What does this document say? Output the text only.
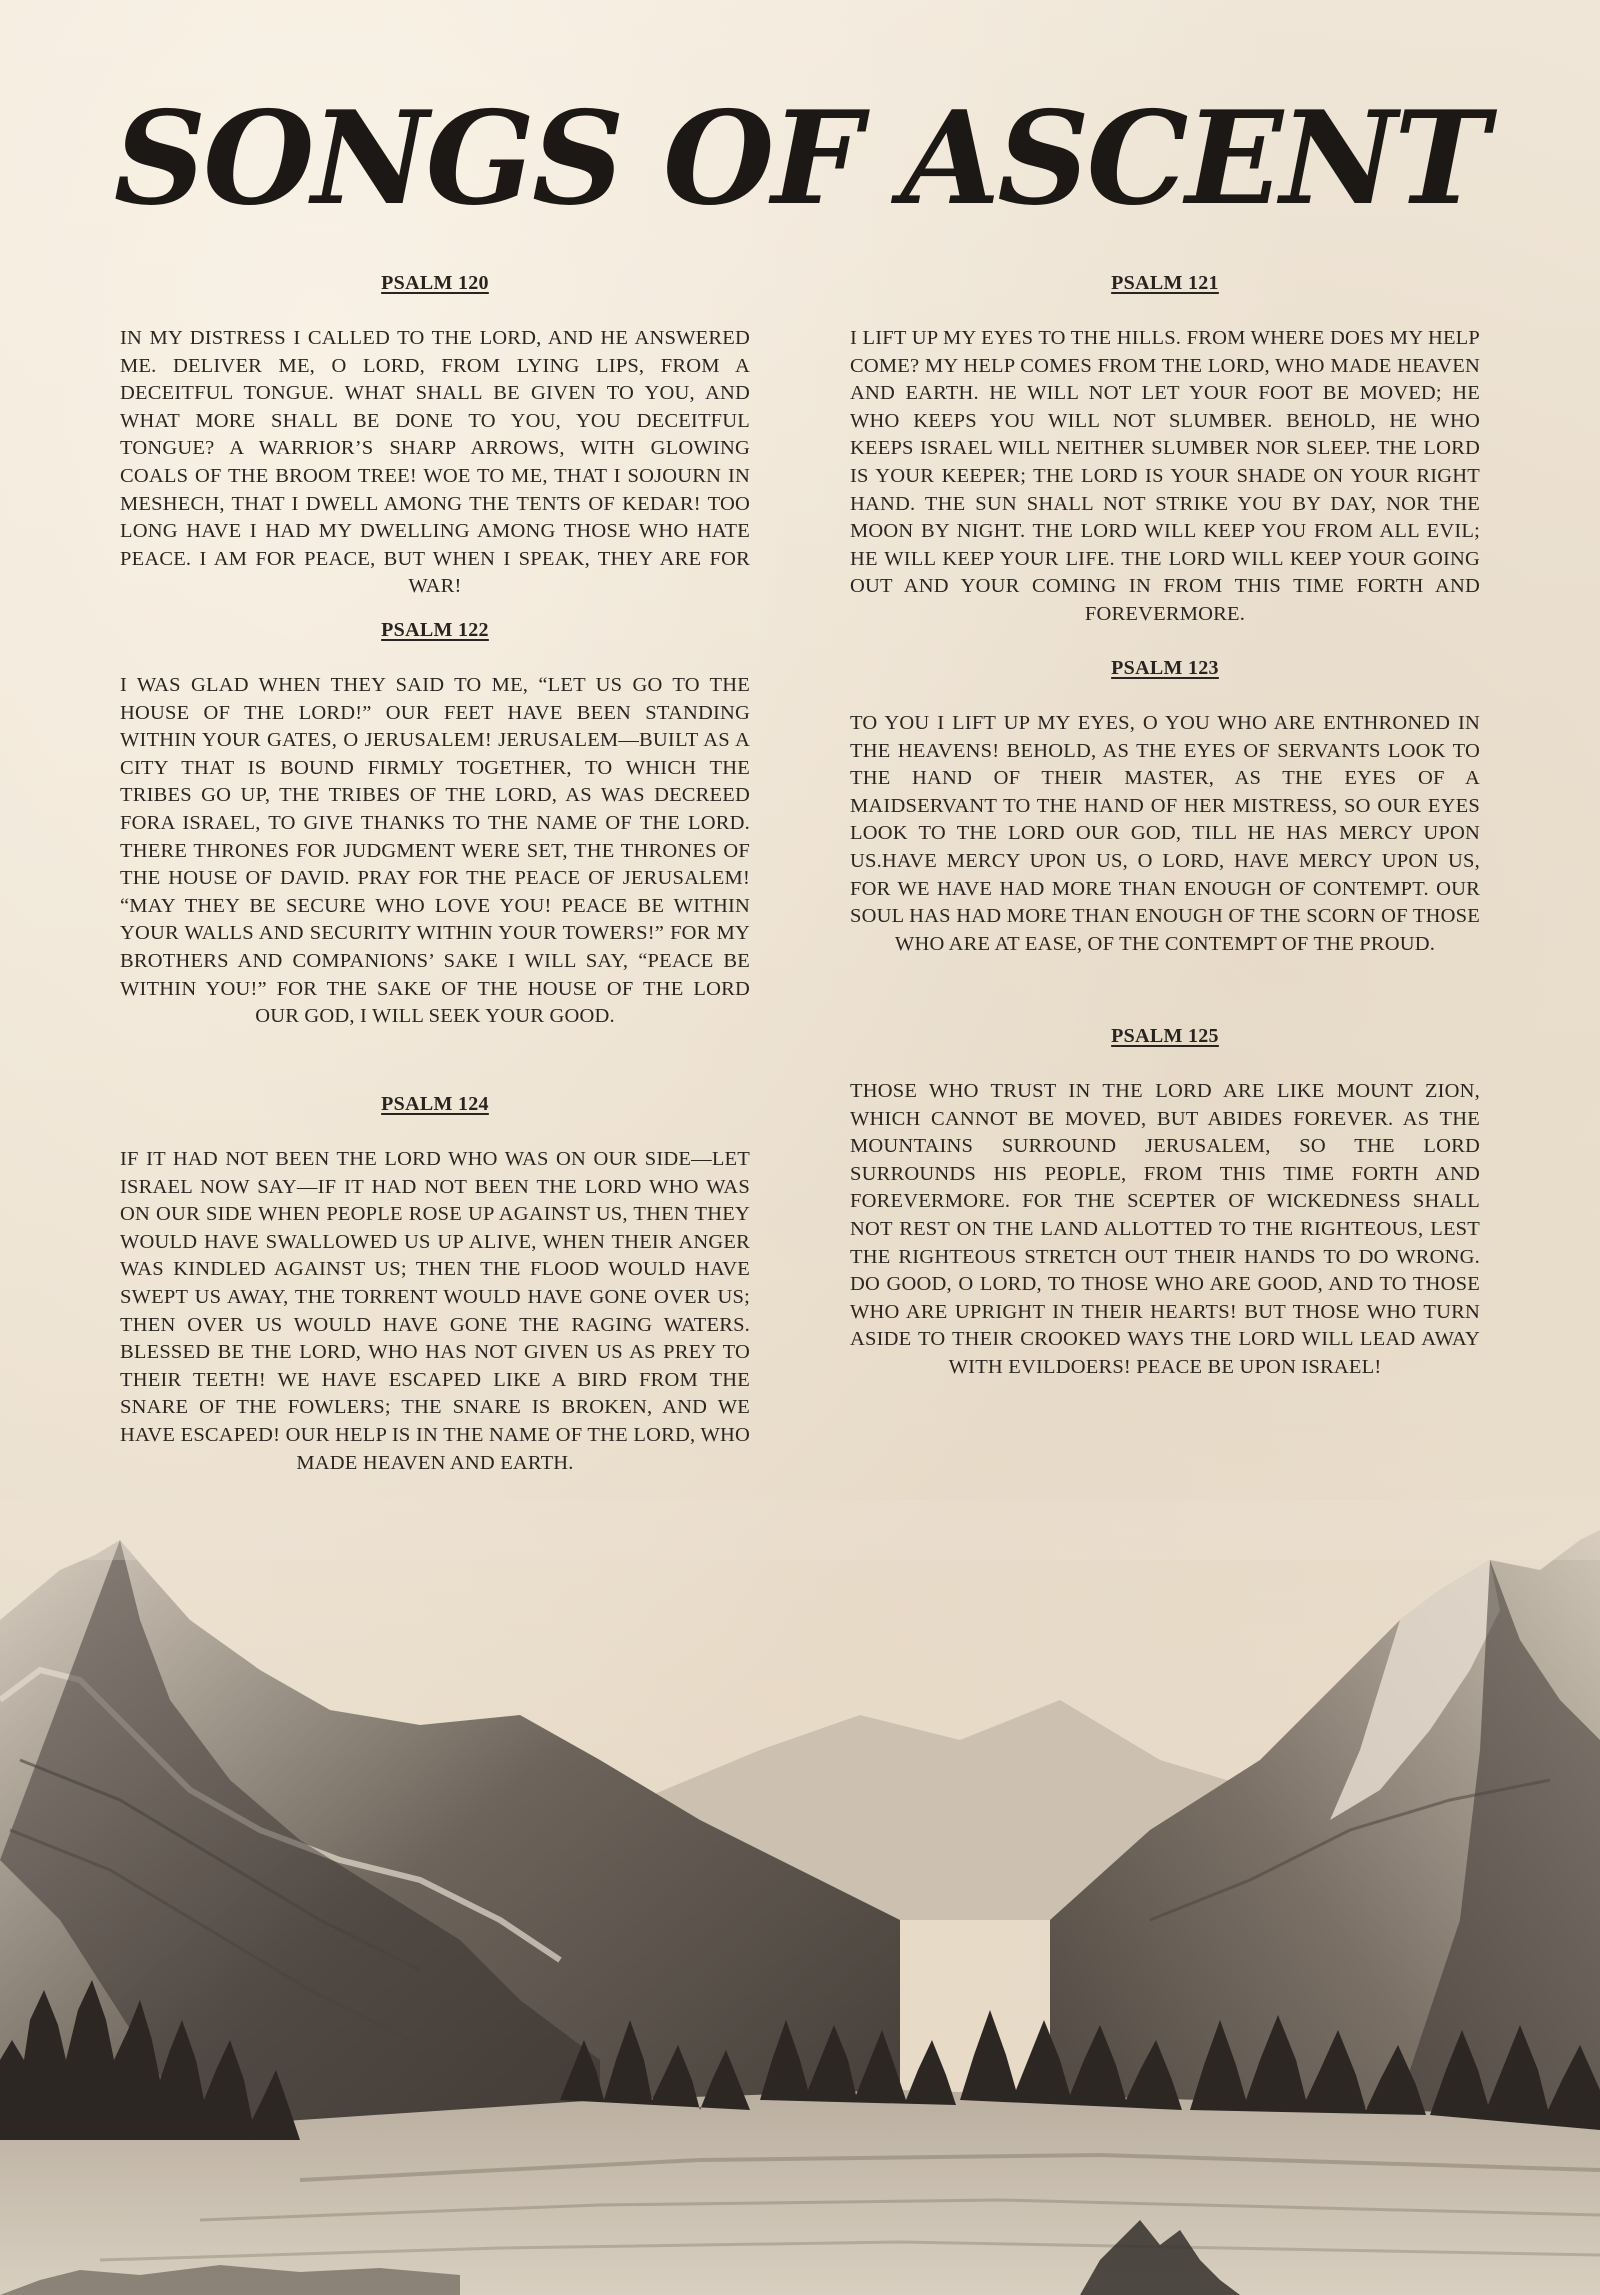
SONGS OF ASCENT
PSALM 120

IN MY DISTRESS I CALLED TO THE LORD, AND HE ANSWERED ME. DELIVER ME, O LORD, FROM LYING LIPS, FROM A DECEITFUL TONGUE. WHAT SHALL BE GIVEN TO YOU, AND WHAT MORE SHALL BE DONE TO YOU, YOU DECEITFUL TONGUE? A WARRIOR’S SHARP ARROWS, WITH GLOWING COALS OF THE BROOM TREE! WOE TO ME, THAT I SOJOURN IN MESHECH, THAT I DWELL AMONG THE TENTS OF KEDAR! TOO LONG HAVE I HAD MY DWELLING AMONG THOSE WHO HATE PEACE. I AM FOR PEACE, BUT WHEN I SPEAK, THEY ARE FOR WAR!

PSALM 122

I WAS GLAD WHEN THEY SAID TO ME, “LET US GO TO THE HOUSE OF THE LORD!” OUR FEET HAVE BEEN STANDING WITHIN YOUR GATES, O JERUSALEM! JERUSALEM—BUILT AS A CITY THAT IS BOUND FIRMLY TOGETHER, TO WHICH THE TRIBES GO UP, THE TRIBES OF THE LORD, AS WAS DECREED FORA ISRAEL, TO GIVE THANKS TO THE NAME OF THE LORD. THERE THRONES FOR JUDGMENT WERE SET, THE THRONES OF THE HOUSE OF DAVID. PRAY FOR THE PEACE OF JERUSALEM! “MAY THEY BE SECURE WHO LOVE YOU! PEACE BE WITHIN YOUR WALLS AND SECURITY WITHIN YOUR TOWERS!” FOR MY BROTHERS AND COMPANIONS’ SAKE I WILL SAY, “PEACE BE WITHIN YOU!” FOR THE SAKE OF THE HOUSE OF THE LORD OUR GOD, I WILL SEEK YOUR GOOD.

PSALM 124

IF IT HAD NOT BEEN THE LORD WHO WAS ON OUR SIDE—LET ISRAEL NOW SAY—IF IT HAD NOT BEEN THE LORD WHO WAS ON OUR SIDE WHEN PEOPLE ROSE UP AGAINST US, THEN THEY WOULD HAVE SWALLOWED US UP ALIVE, WHEN THEIR ANGER WAS KINDLED AGAINST US; THEN THE FLOOD WOULD HAVE SWEPT US AWAY, THE TORRENT WOULD HAVE GONE OVER US; THEN OVER US WOULD HAVE GONE THE RAGING WATERS. BLESSED BE THE LORD, WHO HAS NOT GIVEN US AS PREY TO THEIR TEETH! WE HAVE ESCAPED LIKE A BIRD FROM THE SNARE OF THE FOWLERS; THE SNARE IS BROKEN, AND WE HAVE ESCAPED! OUR HELP IS IN THE NAME OF THE LORD, WHO MADE HEAVEN AND EARTH.

PSALM 121

I LIFT UP MY EYES TO THE HILLS. FROM WHERE DOES MY HELP COME? MY HELP COMES FROM THE LORD, WHO MADE HEAVEN AND EARTH. HE WILL NOT LET YOUR FOOT BE MOVED; HE WHO KEEPS YOU WILL NOT SLUMBER. BEHOLD, HE WHO KEEPS ISRAEL WILL NEITHER SLUMBER NOR SLEEP. THE LORD IS YOUR KEEPER; THE LORD IS YOUR SHADE ON YOUR RIGHT HAND. THE SUN SHALL NOT STRIKE YOU BY DAY, NOR THE MOON BY NIGHT. THE LORD WILL KEEP YOU FROM ALL EVIL; HE WILL KEEP YOUR LIFE. THE LORD WILL KEEP YOUR GOING OUT AND YOUR COMING IN FROM THIS TIME FORTH AND FOREVERMORE.

PSALM 123

TO YOU I LIFT UP MY EYES, O YOU WHO ARE ENTHRONED IN THE HEAVENS! BEHOLD, AS THE EYES OF SERVANTS LOOK TO THE HAND OF THEIR MASTER, AS THE EYES OF A MAIDSERVANT TO THE HAND OF HER MISTRESS, SO OUR EYES LOOK TO THE LORD OUR GOD, TILL HE HAS MERCY UPON US.HAVE MERCY UPON US, O LORD, HAVE MERCY UPON US, FOR WE HAVE HAD MORE THAN ENOUGH OF CONTEMPT. OUR SOUL HAS HAD MORE THAN ENOUGH OF THE SCORN OF THOSE WHO ARE AT EASE, OF THE CONTEMPT OF THE PROUD.

PSALM 125

THOSE WHO TRUST IN THE LORD ARE LIKE MOUNT ZION, WHICH CANNOT BE MOVED, BUT ABIDES FOREVER. AS THE MOUNTAINS SURROUND JERUSALEM, SO THE LORD SURROUNDS HIS PEOPLE, FROM THIS TIME FORTH AND FOREVERMORE. FOR THE SCEPTER OF WICKEDNESS SHALL NOT REST ON THE LAND ALLOTTED TO THE RIGHTEOUS, LEST THE RIGHTEOUS STRETCH OUT THEIR HANDS TO DO WRONG. DO GOOD, O LORD, TO THOSE WHO ARE GOOD, AND TO THOSE WHO ARE UPRIGHT IN THEIR HEARTS! BUT THOSE WHO TURN ASIDE TO THEIR CROOKED WAYS THE LORD WILL LEAD AWAY WITH EVILDOERS! PEACE BE UPON ISRAEL!
